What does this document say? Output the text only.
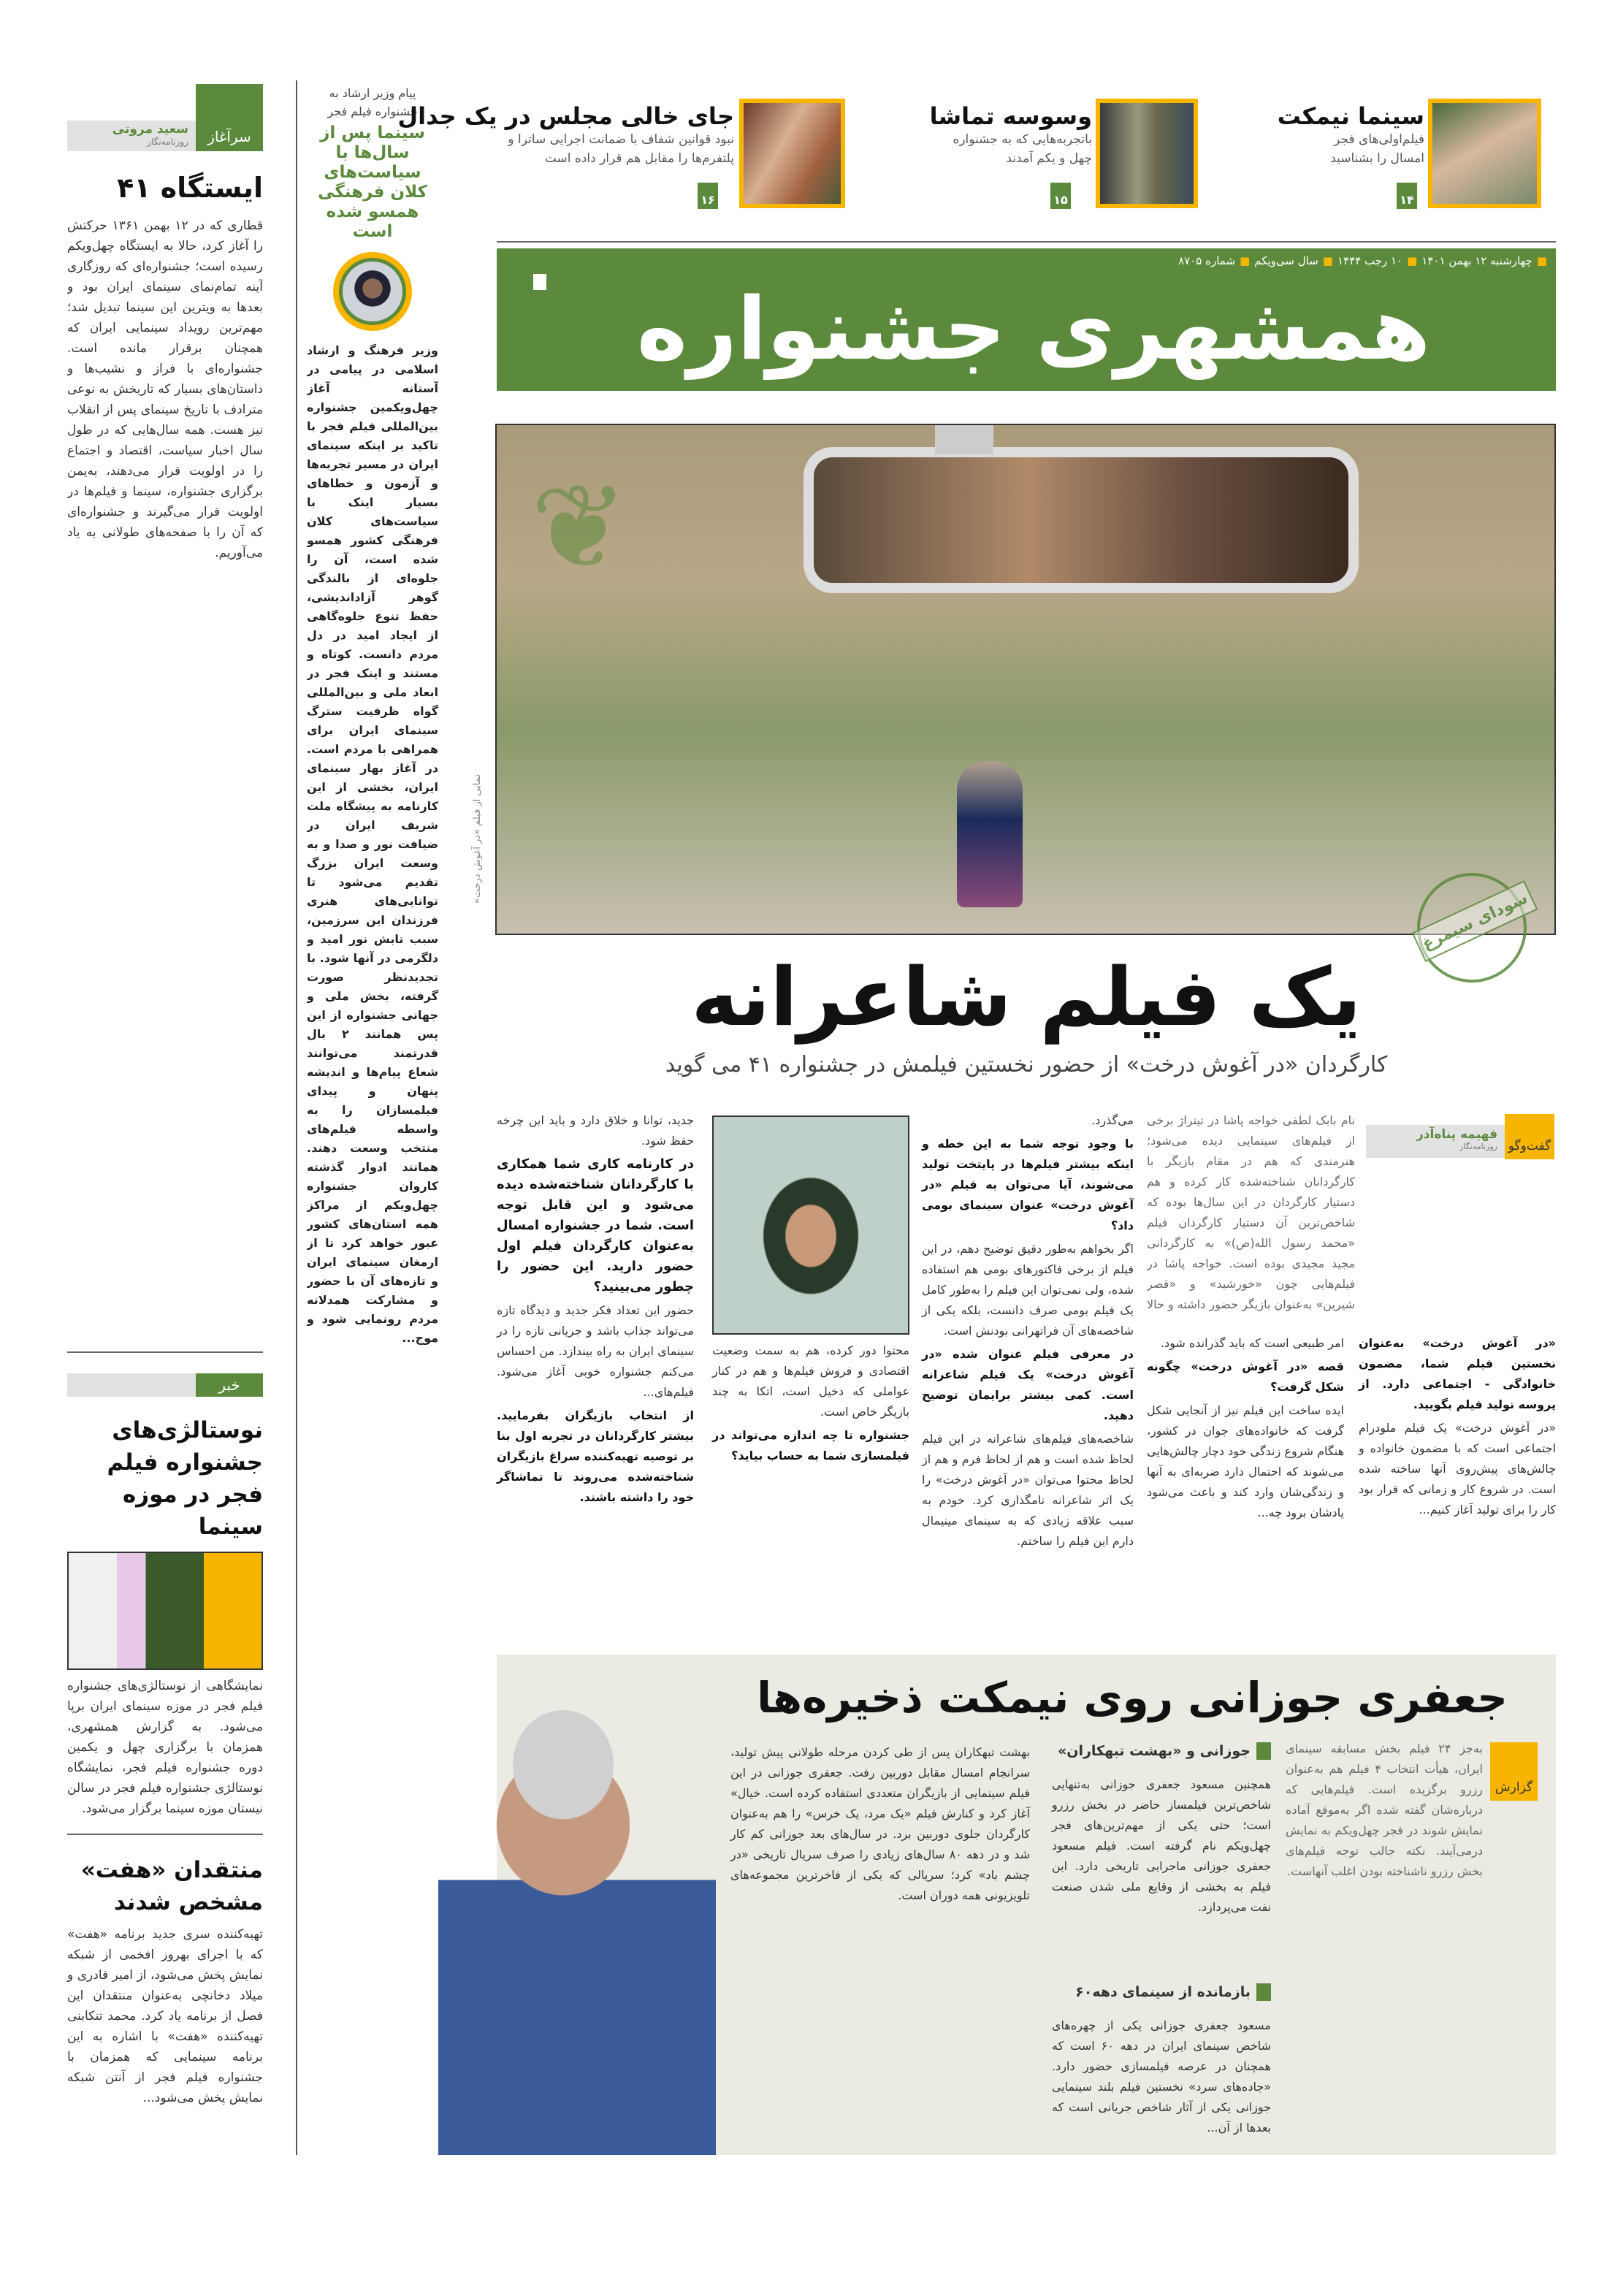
سرآغاز
سعید مروتی
روزنامه‌نگار
ایستگاه ۴۱
قطاری که در ۱۲ بهمن ۱۳۶۱ حرکتش را آغاز کرد، حالا به ایستگاه چهل‌ویکم رسیده است؛ جشنواره‌ای که روزگاری آینه تمام‌نمای سینمای ایران بود و بعدها به ویترین این سینما تبدیل شد؛ مهم‌ترین رویداد سینمایی ایران که همچنان برقرار مانده است. جشنواره‌ای با فراز و نشیب‌ها و داستان‌های بسیار که تاریخش به نوعی مترادف با تاریخ سینمای پس از انقلاب نیز هست. همه سال‌هایی که در طول سال اخبار سیاست، اقتصاد و اجتماع را در اولویت قرار می‌دهند، به‌یمن برگزاری جشنواره، سینما و فیلم‌ها در اولویت قرار می‌گیرند و جشنواره‌ای که آن را با صفحه‌های طولانی به یاد می‌آوریم.
خبر
نوستالژی‌های جشنواره فیلم فجر در موزه سینما
نمایشگاهی از نوستالژی‌های جشنواره فیلم فجر در موزه سینمای ایران برپا می‌شود. به گزارش همشهری، همزمان با برگزاری چهل و یکمین دوره جشنواره فیلم فجر، نمایشگاه نوستالژی جشنواره فیلم فجر در سالن نیستان موزه سینما برگزار می‌شود.
منتقدان «هفت» مشخص شدند
تهیه‌کننده سری جدید برنامه «هفت» که با اجرای بهروز افخمی از شبکه نمایش پخش می‌شود، از امیر قادری و میلاد دخانچی به‌عنوان منتقدان این فصل از برنامه یاد کرد. محمد تنکابنی تهیه‌کننده «هفت» با اشاره به این برنامه سینمایی که همزمان با جشنواره فیلم فجر از آنتن شبکه نمایش پخش می‌شود...
پیام وزیر ارشاد به جشنواره فیلم فجر
سینما پس از سال‌ها با سیاست‌های کلان فرهنگی همسو شده است
وزیر فرهنگ و ارشاد اسلامی در پیامی در آستانه آغاز چهل‌ویکمین جشنواره بین‌المللی فیلم فجر با تاکید بر اینکه سینمای ایران در مسیر تجربه‌ها و آزمون و خطاهای بسیار اینک با سیاست‌های کلان فرهنگی کشور همسو شده است، آن را جلوه‌ای از بالندگی گوهر آزاداندیشی، حفظ تنوع جلوه‌گاهی از ایجاد امید در دل مردم دانست. کوتاه و مستند و اینک فجر در ابعاد ملی و بین‌المللی گواه ظرفیت سترگ سینمای ایران برای همراهی با مردم است. در آغاز بهار سینمای ایران، بخشی از این کارنامه به پیشگاه ملت شریف ایران در ضیافت نور و صدا و به وسعت ایران بزرگ تقدیم می‌شود تا توانایی‌های هنری فرزندان این سرزمین، سبب تابش نور امید و دلگرمی در آنها شود. با تجدیدنظر صورت گرفته، بخش ملی و جهانی جشنواره از این پس همانند ۲ بال قدرتمند می‌توانند شعاع پیام‌ها و اندیشه پنهان و پیدای فیلمسازان را به واسطه فیلم‌های منتخب وسعت دهند. همانند ادوار گذشته کاروان جشنواره چهل‌ویکم از مراکز همه استان‌های کشور عبور خواهد کرد تا از ارمغان سینمای ایران و تازه‌های آن با حضور و مشارکت همدلانه مردم رونمایی شود و موج...
سینما نیمکت
فیلم‌اولی‌های فجر امسال را بشناسید
۱۴
وسوسه تماشا
باتجربه‌هایی که به جشنواره چهل و یکم آمدند
۱۵
جای خالی مجلس در یک جدال
نبود قوانین شفاف با ضمانت اجرایی ساترا و پلتفرم‌ها را مقابل هم قرار داده است
۱۶
■
چهارشنبه ۱۲ بهمن ۱۴۰۱
■
۱۰ رجب ۱۴۴۴
■
سال سی‌ویکم
■
شماره ۸۷۰۵
همشهری جشنواره
❦
نمایی از فیلم «در آغوش درخت»
سودای سیمرغ
یک فیلم شاعرانه
کارگردان «در آغوش درخت» از حضور نخستین فیلمش در جشنواره ۴۱ می گوید
گفت‌وگو
فهیمه پناه‌آذر
روزنامه‌نگار
نام بابک لطفی خواجه پاشا در تیتراژ برخی از فیلم‌های سینمایی دیده می‌شود؛ هنرمندی که هم در مقام بازیگر با کارگردانان شناخته‌شده کار کرده و هم دستیار کارگردان در این سال‌ها بوده که شاخص‌ترین آن دستیار کارگردان فیلم «محمد رسول الله(ص)» به کارگردانی مجید مجیدی بوده است. خواجه پاشا در فیلم‌هایی چون «خورشید» و «قصر شیرین» به‌عنوان بازیگر حضور داشته و حالا

«در آغوش درخت» به‌عنوان نخستین فیلم شما، مضمون خانوادگی - اجتماعی دارد. از پروسه تولید فیلم بگویید.

«در آغوش درخت» یک فیلم ملودرام اجتماعی است که با مضمون خانواده و چالش‌های پیش‌روی آنها ساخته شده است. در شروع کار و زمانی که قرار بود کار را برای تولید آغاز کنیم...

امر طبیعی است که باید گذرانده شود.

قصه «در آغوش درخت» چگونه شکل گرفت؟

ایده ساخت این فیلم نیز از آنجایی شکل گرفت که خانواده‌های جوان در کشور، هنگام شروع زندگی خود دچار چالش‌هایی می‌شوند که احتمال دارد ضربه‌ای به آنها و زندگی‌شان وارد کند و باعث می‌شود یادشان برود چه...

می‌گذرد.

با وجود توجه شما به این خطه و اینکه بیشتر فیلم‌ها در پایتخت تولید می‌شوند، آیا می‌توان به فیلم «در آغوش درخت» عنوان سینمای بومی داد؟

اگر بخواهم به‌طور دقیق توضیح دهم، در این فیلم از برخی فاکتورهای بومی هم استفاده شده، ولی نمی‌توان این فیلم را به‌طور کامل یک فیلم بومی صرف دانست، بلکه یکی از شاخصه‌های آن فراتهرانی بودنش است.

در معرفی فیلم عنوان شده «در آغوش درخت» یک فیلم شاعرانه است. کمی بیشتر برایمان توضیح دهید.

شاخصه‌های فیلم‌های شاعرانه در این فیلم لحاظ شده است و هم از لحاظ فرم و هم از لحاظ محتوا می‌توان «در آغوش درخت» را یک اثر شاعرانه نامگذاری کرد. خودم به سبب علاقه زیادی که به سینمای مینیمال دارم این فیلم را ساختم.

محتوا دور کرده، هم به سمت وضعیت اقتصادی و فروش فیلم‌ها و هم در کنار عواملی که دخیل است، اتکا به چند بازیگر خاص است.

جشنواره تا چه اندازه می‌تواند در فیلمسازی شما به حساب بیاید؟

جدید، توانا و خلاق دارد و باید این چرخه حفظ شود.

در کارنامه کاری شما همکاری با کارگردانان شناخته‌شده دیده می‌شود و این قابل توجه است. شما در جشنواره امسال به‌عنوان کارگردان فیلم اول حضور دارید. این حضور را چطور می‌بینید؟

حضور این تعداد فکر جدید و دیدگاه تازه می‌تواند جذاب باشد و جریانی تازه را در سینمای ایران به راه بیندازد. من احساس می‌کنم جشنواره خوبی آغاز می‌شود. فیلم‌های...

از انتخاب بازیگران بفرمایید. بیشتر کارگردانان در تجربه اول بنا بر توصیه تهیه‌کننده سراغ بازیگران شناخته‌شده می‌روند تا تماشاگر خود را داشته باشند.

جعفری جوزانی روی نیمکت ذخیره‌ها
گزارش
به‌جز ۲۴ فیلم بخش مسابقه سینمای ایران، هیأت انتخاب ۴ فیلم هم به‌عنوان رزرو برگزیده است. فیلم‌هایی که درباره‌شان گفته شده اگر به‌موقع آماده نمایش شوند در فجر چهل‌ویکم به نمایش درمی‌آیند. نکته جالب توجه فیلم‌های بخش رزرو ناشناخته بودن اغلب آنهاست.
جوزانی و «بهشت تبهکاران»
همچنین مسعود جعفری جوزانی به‌تنهایی شاخص‌ترین فیلمساز حاضر در بخش رزرو است؛ حتی یکی از مهم‌ترین‌های فجر چهل‌ویکم نام گرفته است. فیلم مسعود جعفری جوزانی ماجرایی تاریخی دارد. این فیلم به بخشی از وقایع ملی شدن صنعت نفت می‌پردازد.
بازمانده از سینمای دهه۶۰
مسعود جعفری جوزانی یکی از چهره‌های شاخص سینمای ایران در دهه ۶۰ است که همچنان در عرصه فیلمسازی حضور دارد. «جاده‌های سرد» نخستین فیلم بلند سینمایی جوزانی یکی از آثار شاخص جریانی است که بعدها از آن...
بهشت تبهکاران پس از طی کردن مرحله طولانی پیش تولید، سرانجام امسال مقابل دوربین رفت. جعفری جوزانی در این فیلم سینمایی از بازیگران متعددی استفاده کرده است. خیال» آغاز کرد و کنارش فیلم «یک مرد، یک خرس» را هم به‌عنوان کارگردان جلوی دوربین برد. در سال‌های بعد جوزانی کم کار شد و در دهه ۸۰ سال‌های زیادی را صرف سریال تاریخی «در چشم باد» کرد؛ سریالی که یکی از فاخرترین مجموعه‌های تلویزیونی همه دوران است.
